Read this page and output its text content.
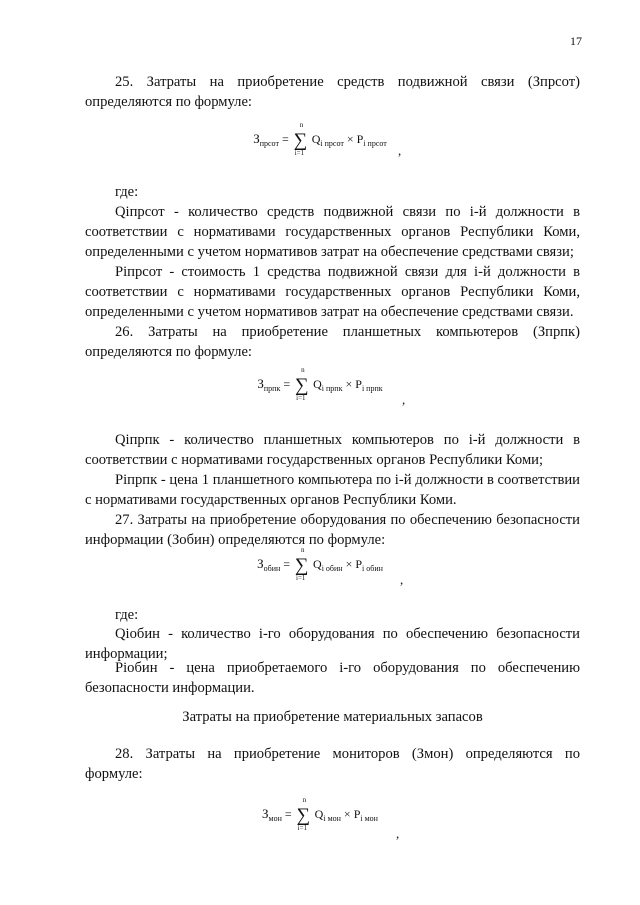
17
25. Затраты на приобретение средств подвижной связи (Зпрсот) определяются по формуле:
$З_{прсот}$ =
n
∑
i=1
$Q_{i прсот} \times P_{i прсот}$ ,
где:
Qiпрсот - количество средств подвижной связи по i-й должности в соответствии с нормативами государственных органов Республики Коми, определенными с учетом нормативов затрат на обеспечение средствами связи;
Piпрсот - стоимость 1 средства подвижной связи для i-й должности в соответствии с нормативами государственных органов Республики Коми, определенными с учетом нормативов затрат на обеспечение средствами связи.
26. Затраты на приобретение планшетных компьютеров (Зпрпк) определяются по формуле:
$З_{прпк}$ =
n
∑
i=1
$Q_{i прпк} \times P_{i прпк}$
,
Qiпрпк - количество планшетных компьютеров по i-й должности в соответствии с нормативами государственных органов Республики Коми;
Piпрпк - цена 1 планшетного компьютера по i-й должности в соответствии с нормативами государственных органов Республики Коми.
27. Затраты на приобретение оборудования по обеспечению безопасности информации (Зобин) определяются по формуле:
$З_{обин}$ =
n
∑
i=1
$Q_{i обин} \times P_{i обин}$
,
где:
Qiобин - количество i-го оборудования по обеспечению безопасности информации;
Piобин - цена приобретаемого i-го оборудования по обеспечению безопасности информации.
Затраты на приобретение материальных запасов
28. Затраты на приобретение мониторов (Змон) определяются по формуле:
$З_{мон}$ =
n
∑
i=1
$Q_{i мон} \times P_{i мон}$
,
